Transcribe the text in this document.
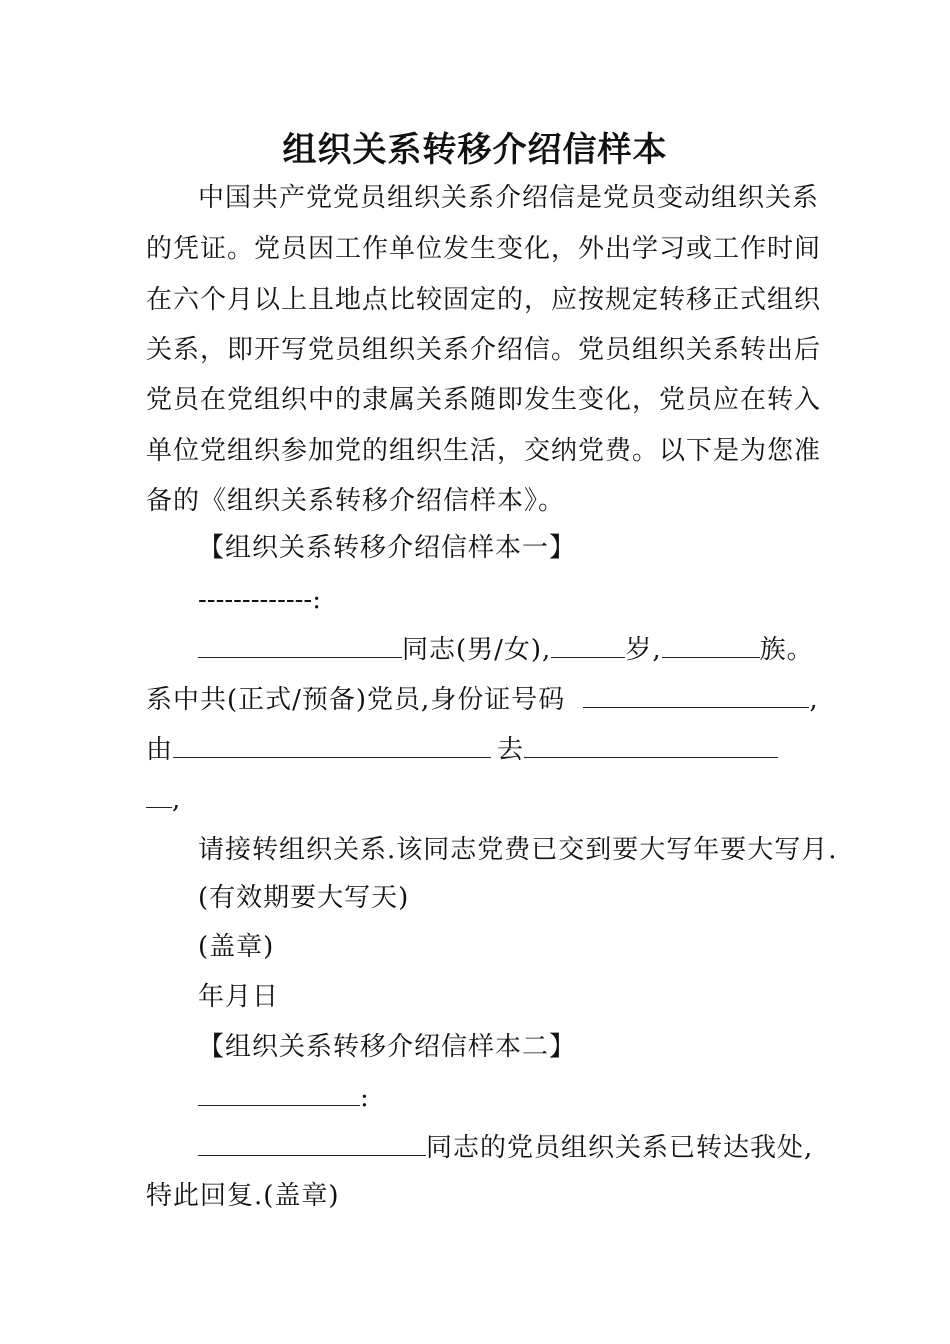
组织关系转移介绍信样本
中国共产党党员组织关系介绍信是党员变动组织关系
的凭证。党员因工作单位发生变化，外出学习或工作时间
在六个月以上且地点比较固定的，应按规定转移正式组织
关系，即开写党员组织关系介绍信。党员组织关系转出后
党员在党组织中的隶属关系随即发生变化，党员应在转入
单位党组织参加党的组织生活，交纳党费。以下是为您准
备的《组织关系转移介绍信样本》。
【组织关系转移介绍信样本一】
-------------:
同志(男/女),	岁,	族。
系中共(正式/预备)党员,身份证号码	,
由	去
,
请接转组织关系.该同志党费已交到要大写年要大写月.
(有效期要大写天)
(盖章)
年月日
【组织关系转移介绍信样本二】
:
同志的党员组织关系已转达我处,
特此回复.(盖章)
